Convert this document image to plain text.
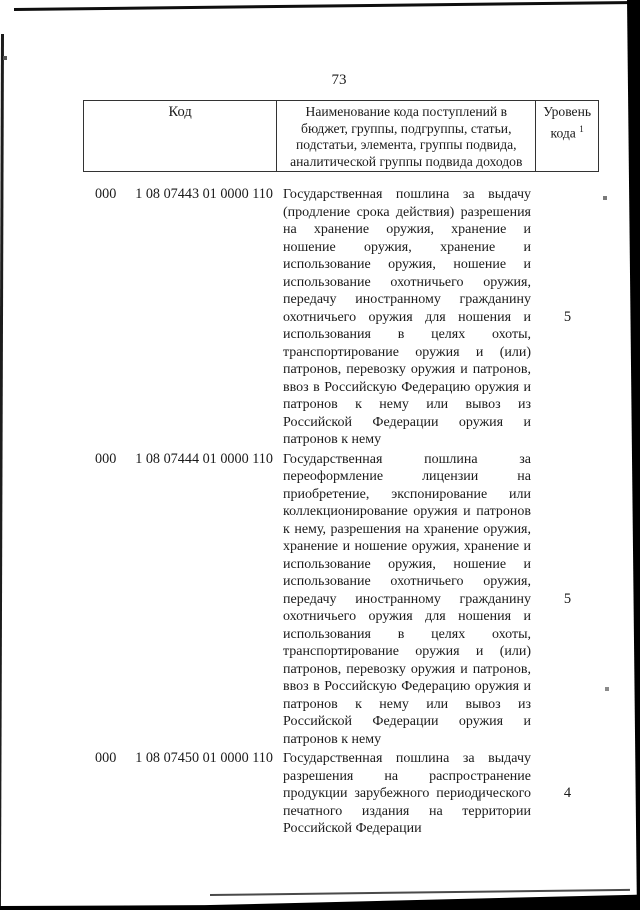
73
Код	Наименование кода поступлений в
бюджет, группы, подгруппы, статьи,
подстатьи, элемента, группы подвида,
аналитической группы подвида доходов
Уровень
кода $^1$
000 1 08 07443 01 0000 110 Государственная пошлина за выдачу (продление срока действия) разрешения на хранение оружия, хранение и ношение оружия, хранение и использование оружия, ношение и использование охотничьего оружия, передачу иностранному гражданину охотничьего оружия для ношения и использования в целях охоты, транспортирование оружия и (или) патронов, перевозку оружия и патронов, ввоз в Российскую Федерацию оружия и патронов к нему или вывоз из Российской Федерации оружия и патронов к нему
5
000 1 08 07444 01 0000 110 Государственная пошлина за переоформление лицензии на приобретение, экспонирование или коллекционирование оружия и патронов к нему, разрешения на хранение оружия, хранение и ношение оружия, хранение и использование оружия, ношение и использование охотничьего оружия, передачу иностранному гражданину охотничьего оружия для ношения и использования в целях охоты, транспортирование оружия и (или) патронов, перевозку оружия и патронов, ввоз в Российскую Федерацию оружия и патронов к нему или вывоз из Российской Федерации оружия и патронов к нему
5
000 1 08 07450 01 0000 110 Государственная пошлина за выдачу разрешения на распространение продукции зарубежного периодического печатного издания на территории Российской Федерации
4
